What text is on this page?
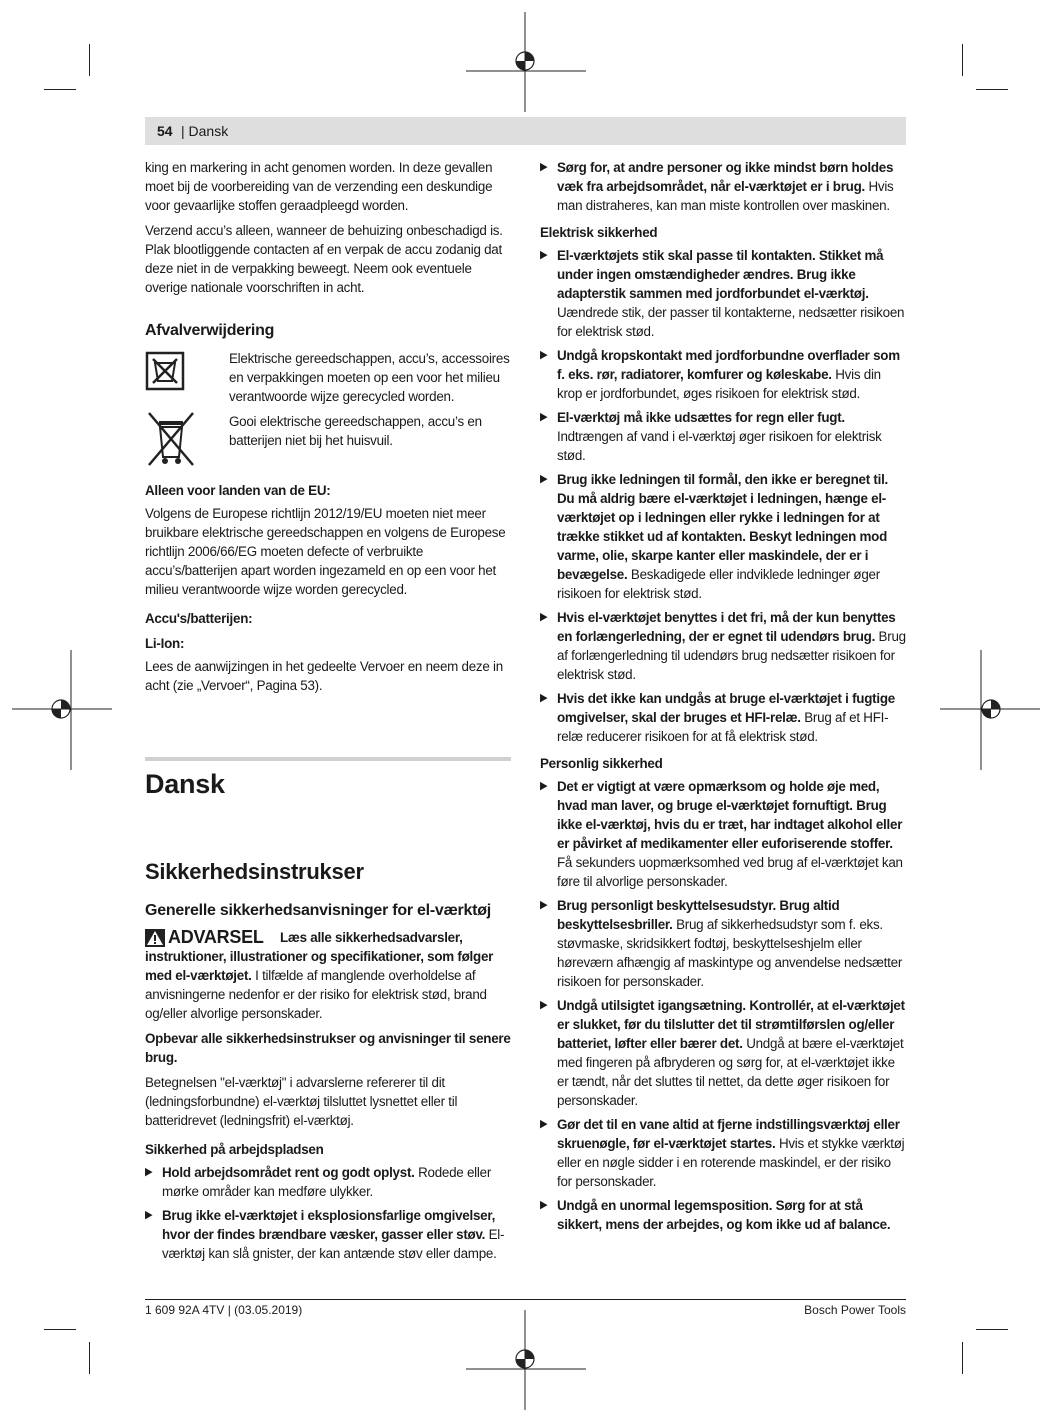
54 | Dansk

king en markering in acht genomen worden. In deze gevallen moet bij de voorbereiding van de verzending een deskundige voor gevaarlijke stoffen geraadpleegd worden.

Verzend accu’s alleen, wanneer de behuizing onbeschadigd is. Plak blootliggende contacten af en verpak de accu zodanig dat deze niet in de verpakking beweegt. Neem ook eventuele overige nationale voorschriften in acht.

Afvalverwijdering

Elektrische gereedschappen, accu’s, accessoires en verpakkingen moeten op een voor het milieu verantwoorde wijze gerecycled worden.

Gooi elektrische gereedschappen, accu’s en batterijen niet bij het huisvuil.

Alleen voor landen van de EU:

Volgens de Europese richtlijn 2012/19/EU moeten niet meer bruikbare elektrische gereedschappen en volgens de Europese richtlijn 2006/66/EG moeten defecte of verbruikte accu’s/batterijen apart worden ingezameld en op een voor het milieu verantwoorde wijze worden gerecycled.

Accu's/batterijen:
Li-Ion:

Lees de aanwijzingen in het gedeelte Vervoer en neem deze in acht (zie „Vervoer“, Pagina 53).

Dansk
Sikkerhedsinstrukser
Generelle sikkerhedsanvisninger for el-værktøj
ADVARSEL	Læs alle sikkerhedsadvarsler, instruktioner, illustrationer og specifikationer, som følger med el-værktøjet. I tilfælde af manglende overholdelse af anvisningerne nedenfor er der risiko for elektrisk stød, brand og/eller alvorlige personskader.

Opbevar alle sikkerhedsinstrukser og anvisninger til senere brug.

Betegnelsen "el-værktøj" i advarslerne refererer til dit (ledningsforbundne) el-værktøj tilsluttet lysnettet eller til batteridrevet (ledningsfrit) el-værktøj.

Sikkerhed på arbejdspladsen
▶ Hold arbejdsområdet rent og godt oplyst. Rodede eller mørke områder kan medføre ulykker.
▶ Brug ikke el-værktøjet i eksplosionsfarlige omgivelser, hvor der findes brændbare væsker, gasser eller støv. El-værktøj kan slå gnister, der kan antænde støv eller dampe.
▶ Sørg for, at andre personer og ikke mindst børn holdes væk fra arbejdsområdet, når el-værktøjet er i brug. Hvis man distraheres, kan man miste kontrollen over maskinen.
Elektrisk sikkerhed
▶ El-værktøjets stik skal passe til kontakten. Stikket må under ingen omstændigheder ændres. Brug ikke adapterstik sammen med jordforbundet el-værktøj. Uændrede stik, der passer til kontakterne, nedsætter risikoen for elektrisk stød.
▶ Undgå kropskontakt med jordforbundne overflader som f. eks. rør, radiatorer, komfurer og køleskabe. Hvis din krop er jordforbundet, øges risikoen for elektrisk stød.
▶ El-værktøj må ikke udsættes for regn eller fugt. Indtrængen af vand i el-værktøj øger risikoen for elektrisk stød.
▶ Brug ikke ledningen til formål, den ikke er beregnet til. Du må aldrig bære el-værktøjet i ledningen, hænge el-værktøjet op i ledningen eller rykke i ledningen for at trække stikket ud af kontakten. Beskyt ledningen mod varme, olie, skarpe kanter eller maskindele, der er i bevægelse. Beskadigede eller indviklede ledninger øger risikoen for elektrisk stød.
▶ Hvis el-værktøjet benyttes i det fri, må der kun benyttes en forlængerledning, der er egnet til udendørs brug. Brug af forlængerledning til udendørs brug nedsætter risikoen for elektrisk stød.
▶ Hvis det ikke kan undgås at bruge el-værktøjet i fugtige omgivelser, skal der bruges et HFI-relæ. Brug af et HFI-relæ reducerer risikoen for at få elektrisk stød.
Personlig sikkerhed
▶ Det er vigtigt at være opmærksom og holde øje med, hvad man laver, og bruge el-værktøjet fornuftigt. Brug ikke el-værktøj, hvis du er træt, har indtaget alkohol eller er påvirket af medikamenter eller euforiserende stoffer. Få sekunders uopmærksomhed ved brug af el-værktøjet kan føre til alvorlige personskader.
▶ Brug personligt beskyttelsesudstyr. Brug altid beskyttelsesbriller. Brug af sikkerhedsudstyr som f. eks. støvmaske, skridsikkert fodtøj, beskyttelseshjelm eller høreværn afhængig af maskintype og anvendelse nedsætter risikoen for personskader.
▶ Undgå utilsigtet igangsætning. Kontrollér, at el-værktøjet er slukket, før du tilslutter det til strømtilførslen og/eller batteriet, løfter eller bærer det. Undgå at bære el-værktøjet med fingeren på afbryderen og sørg for, at el-værktøjet ikke er tændt, når det sluttes til nettet, da dette øger risikoen for personskader.
▶ Gør det til en vane altid at fjerne indstillingsværktøj eller skruenøgle, før el-værktøjet startes. Hvis et stykke værktøj eller en nøgle sidder i en roterende maskindel, er der risiko for personskader.
▶ Undgå en unormal legemsposition. Sørg for at stå sikkert, mens der arbejdes, og kom ikke ud af balance.
1 609 92A 4TV | (03.05.2019)	Bosch Power Tools
